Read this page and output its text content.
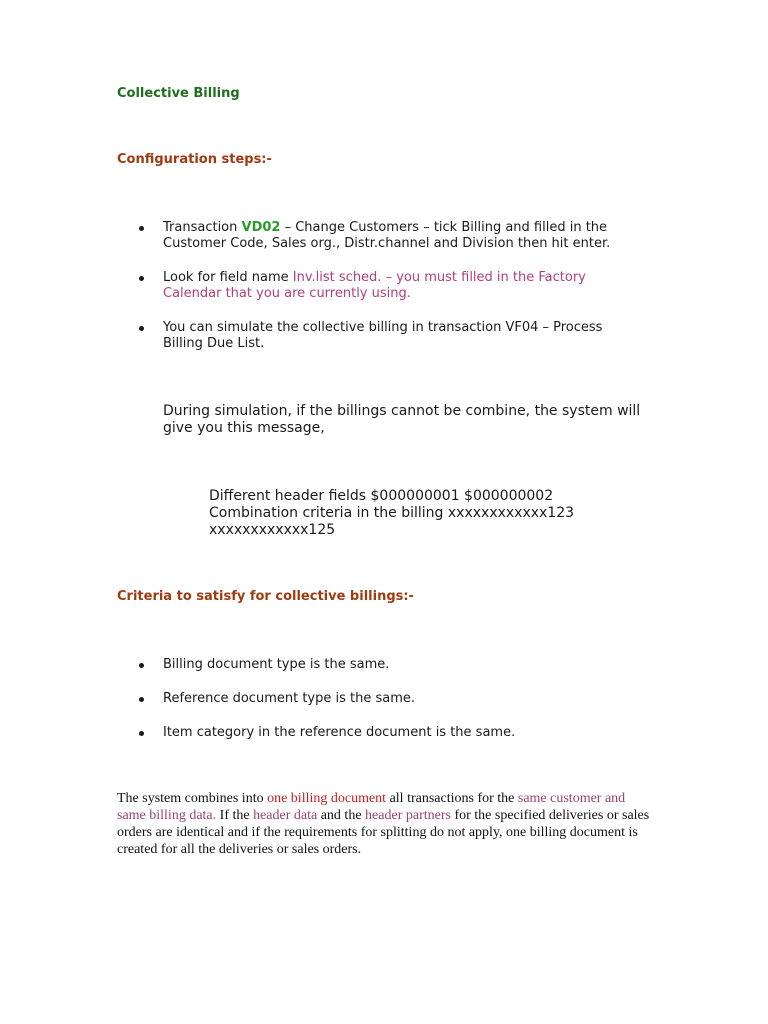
Collective Billing
Configuration steps:-
Transaction VD02 – Change Customers – tick Billing and filled in the Customer Code, Sales org., Distr.channel and Division then hit enter.
Look for field name Inv.list sched. – you must filled in the Factory Calendar that you are currently using.
You can simulate the collective billing in transaction VF04 – Process Billing Due List.
During simulation, if the billings cannot be combine, the system will give you this message,
Different header fields $000000001 $000000002
Combination criteria in the billing xxxxxxxxxxxx123
xxxxxxxxxxxx125
Criteria to satisfy for collective billings:-
Billing document type is the same.
Reference document type is the same.
Item category in the reference document is the same.
The system combines into one billing document all transactions for the same customer and same billing data. If the header data and the header partners for the specified deliveries or sales orders are identical and if the requirements for splitting do not apply, one billing document is created for all the deliveries or sales orders.
